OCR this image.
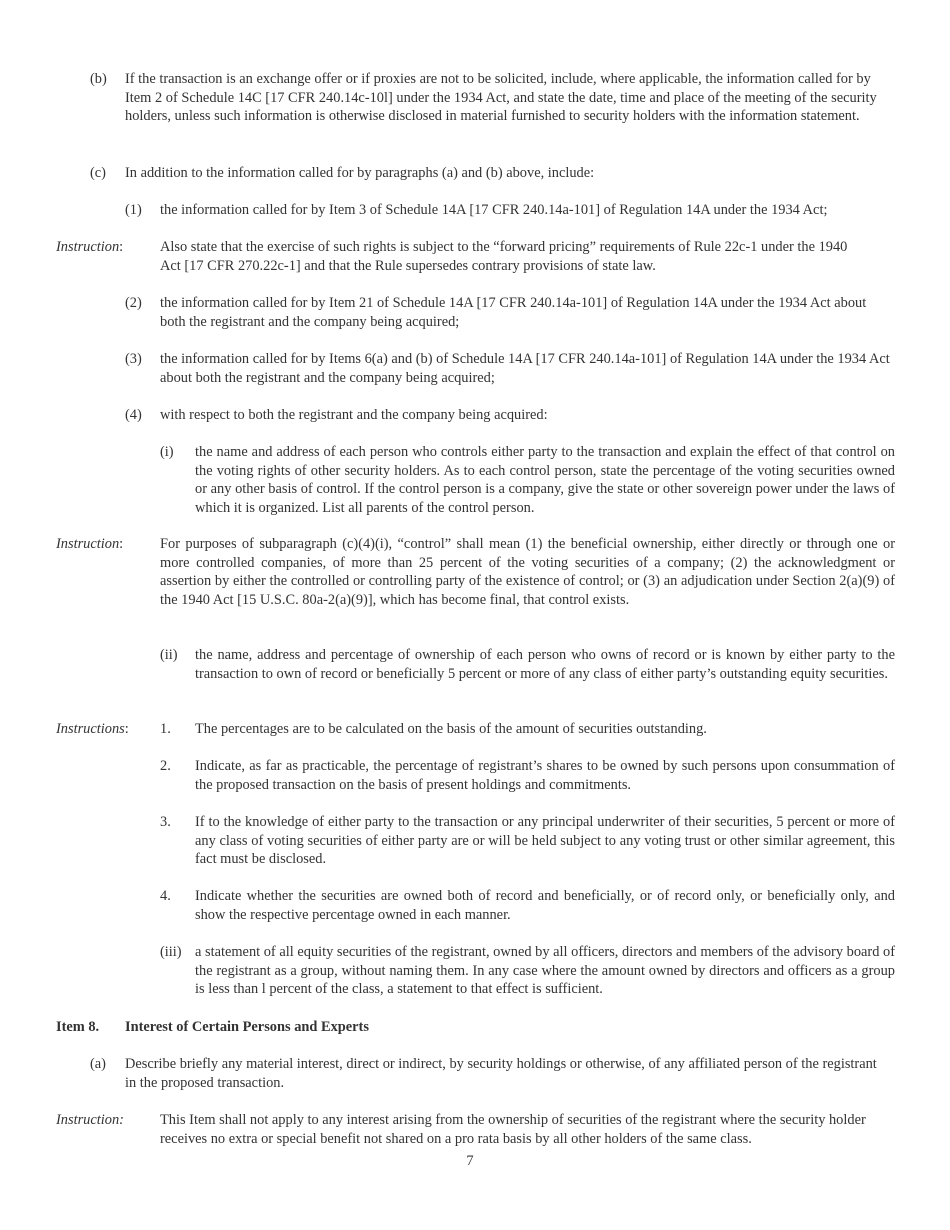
(b)	If the transaction is an exchange offer or if proxies are not to be solicited, include, where applicable, the information called for by Item 2 of Schedule 14C [17 CFR 240.14c-10l] under the 1934 Act, and state the date, time and place of the meeting of the security holders, unless such information is otherwise disclosed in material furnished to security holders with the information statement.
(c)	In addition to the information called for by paragraphs (a) and (b) above, include:
(1)	the information called for by Item 3 of Schedule 14A [17 CFR 240.14a-101] of Regulation 14A under the 1934 Act;
Instruction:	Also state that the exercise of such rights is subject to the “forward pricing” requirements of Rule 22c-1 under the 1940 Act [17 CFR 270.22c-1] and that the Rule supersedes contrary provisions of state law.
(2)	the information called for by Item 21 of Schedule 14A [17 CFR 240.14a-101] of Regulation 14A under the 1934 Act about both the registrant and the company being acquired;
(3)	the information called for by Items 6(a) and (b) of Schedule 14A [17 CFR 240.14a-101] of Regulation 14A under the 1934 Act about both the registrant and the company being acquired;
(4)	with respect to both the registrant and the company being acquired:
(i)	the name and address of each person who controls either party to the transaction and explain the effect of that control on the voting rights of other security holders. As to each control person, state the percentage of the voting securities owned or any other basis of control. If the control person is a company, give the state or other sovereign power under the laws of which it is organized. List all parents of the control person.
Instruction:	For purposes of subparagraph (c)(4)(i), “control” shall mean (1) the beneficial ownership, either directly or through one or more controlled companies, of more than 25 percent of the voting securities of a company; (2) the acknowledgment or assertion by either the controlled or controlling party of the existence of control; or (3) an adjudication under Section 2(a)(9) of the 1940 Act [15 U.S.C. 80a-2(a)(9)], which has become final, that control exists.
(ii)	the name, address and percentage of ownership of each person who owns of record or is known by either party to the transaction to own of record or beneficially 5 percent or more of any class of either party’s outstanding equity securities.
Instructions:	1.	The percentages are to be calculated on the basis of the amount of securities outstanding.
2.	Indicate, as far as practicable, the percentage of registrant’s shares to be owned by such persons upon consummation of the proposed transaction on the basis of present holdings and commitments.
3.	If to the knowledge of either party to the transaction or any principal underwriter of their securities, 5 percent or more of any class of voting securities of either party are or will be held subject to any voting trust or other similar agreement, this fact must be disclosed.
4.	Indicate whether the securities are owned both of record and beneficially, or of record only, or beneficially only, and show the respective percentage owned in each manner.
(iii) a statement of all equity securities of the registrant, owned by all officers, directors and members of the advisory board of the registrant as a group, without naming them. In any case where the amount owned by directors and officers as a group is less than l percent of the class, a statement to that effect is sufficient.
Item 8.	Interest of Certain Persons and Experts
(a)	Describe briefly any material interest, direct or indirect, by security holdings or otherwise, of any affiliated person of the registrant in the proposed transaction.
Instruction:	This Item shall not apply to any interest arising from the ownership of securities of the registrant where the security holder receives no extra or special benefit not shared on a pro rata basis by all other holders of the same class.
7
